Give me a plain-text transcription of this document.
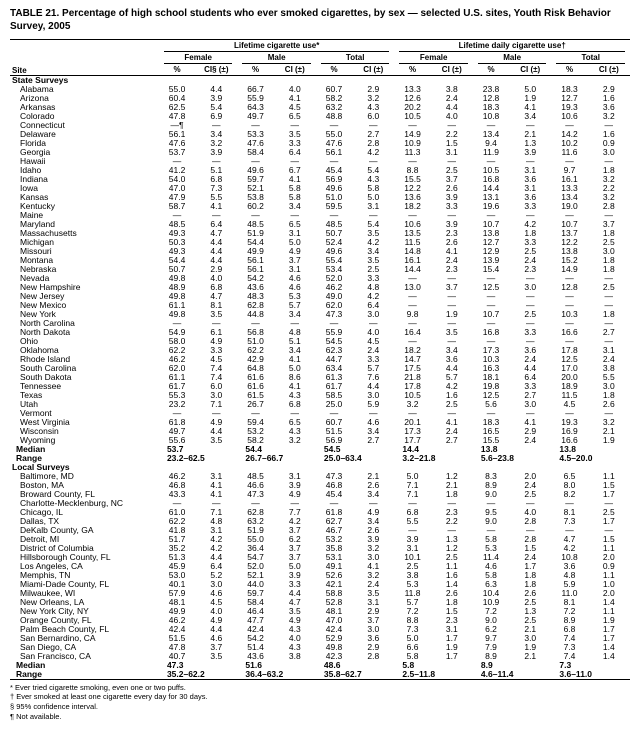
TABLE 21. Percentage of high school students who ever smoked cigarettes, by sex — selected U.S. sites, Youth Risk Behavior Survey, 2005
Site	Lifetime cigarette use*						Lifetime daily cigarette use†					

	Female		Male		Total		Female		Male		Total	

	%	CI§ (±)	%	CI (±)	%	CI (±)	%	CI (±)	%	CI (±)	%	CI (±)
State Surveys												
Alabama	55.0	4.4	66.7	4.0	60.7	2.9	13.3	3.8	23.8	5.0	18.3	2.9
Arizona	60.4	3.9	55.9	4.1	58.2	3.2	12.6	2.4	12.8	1.9	12.7	1.6
Arkansas	62.5	5.4	64.3	4.5	63.2	4.3	20.2	4.4	18.3	4.1	19.3	3.6
Colorado	47.8	6.9	49.7	6.5	48.8	6.0	10.5	4.0	10.8	3.4	10.6	3.2
Connecticut	—¶	—	—	—	—	—	—	—	—	—	—	—
Delaware	56.1	3.4	53.3	3.5	55.0	2.7	14.9	2.2	13.4	2.1	14.2	1.6
Florida	47.6	3.2	47.6	3.3	47.6	2.8	10.9	1.5	9.4	1.3	10.2	0.9
Georgia	53.7	3.9	58.4	6.4	56.1	4.2	11.3	3.1	11.9	3.9	11.6	3.0
Hawaii	—	—	—	—	—	—	—	—	—	—	—	—
Idaho	41.2	5.1	49.6	6.7	45.4	5.4	8.8	2.5	10.5	3.1	9.7	1.8
Indiana	54.0	6.8	59.7	4.1	56.9	4.3	15.5	3.7	16.8	3.6	16.1	3.2
Iowa	47.0	7.3	52.1	5.8	49.6	5.8	12.2	2.6	14.4	3.1	13.3	2.2
Kansas	47.9	5.5	53.8	5.8	51.0	5.0	13.6	3.9	13.1	3.6	13.4	3.2
Kentucky	58.7	4.1	60.2	3.4	59.5	3.1	18.2	3.3	19.6	3.3	19.0	2.8
Maine	—	—	—	—	—	—	—	—	—	—	—	—
Maryland	48.5	6.4	48.5	6.5	48.5	5.4	10.6	3.9	10.7	4.2	10.7	3.7
Massachusetts	49.3	4.7	51.9	3.1	50.7	3.5	13.5	2.3	13.8	1.8	13.7	1.8
Michigan	50.3	4.4	54.4	5.0	52.4	4.2	11.5	2.6	12.7	3.3	12.2	2.5
Missouri	49.3	4.4	49.9	4.9	49.6	3.4	14.8	4.1	12.9	2.5	13.8	3.0
Montana	54.4	4.4	56.1	3.7	55.4	3.5	16.1	2.4	13.9	2.4	15.2	1.8
Nebraska	50.7	2.9	56.1	3.1	53.4	2.5	14.4	2.3	15.4	2.3	14.9	1.8
Nevada	49.8	4.0	54.2	4.6	52.0	3.3	—	—	—	—	—	—
New Hampshire	48.9	6.8	43.6	4.6	46.2	4.8	13.0	3.7	12.5	3.0	12.8	2.5
New Jersey	49.8	4.7	48.3	5.3	49.0	4.2	—	—	—	—	—	—
New Mexico	61.1	8.1	62.8	5.7	62.0	6.4	—	—	—	—	—	—
New York	49.8	3.5	44.8	3.4	47.3	3.0	9.8	1.9	10.7	2.5	10.3	1.8
North Carolina	—	—	—	—	—	—	—	—	—	—	—	—
North Dakota	54.9	6.1	56.8	4.8	55.9	4.0	16.4	3.5	16.8	3.3	16.6	2.7
Ohio	58.0	4.9	51.0	5.1	54.5	4.5	—	—	—	—	—	—
Oklahoma	62.2	3.3	62.2	3.4	62.3	2.4	18.2	3.4	17.3	3.6	17.8	3.1
Rhode Island	46.2	4.5	42.9	4.1	44.7	3.3	14.7	3.6	10.3	2.4	12.5	2.4
South Carolina	62.0	7.4	64.8	5.0	63.4	5.7	17.5	4.4	16.3	4.4	17.0	3.8
South Dakota	61.1	7.4	61.6	8.6	61.3	7.6	21.8	5.7	18.1	6.4	20.0	5.5
Tennessee	61.7	6.0	61.6	4.1	61.7	4.4	17.8	4.2	19.8	3.3	18.9	3.0
Texas	55.3	3.0	61.5	4.3	58.5	3.0	10.5	1.6	12.5	2.7	11.5	1.8
Utah	23.2	7.1	26.7	6.8	25.0	5.9	3.2	2.5	5.6	3.0	4.5	2.6
Vermont	—	—	—	—	—	—	—	—	—	—	—	—
West Virginia	61.8	4.9	59.4	6.5	60.7	4.6	20.1	4.1	18.3	4.1	19.3	3.2
Wisconsin	49.7	4.4	53.2	4.3	51.5	3.4	17.3	2.4	16.5	2.9	16.9	2.1
Wyoming	55.6	3.5	58.2	3.2	56.9	2.7	17.7	2.7	15.5	2.4	16.6	1.9
Median	53.7		54.4		54.5		14.4		13.8		13.8	
Range	23.2–62.5		26.7–66.7		25.0–63.4		3.2–21.8		5.6–23.8		4.5–20.0	
Local Surveys												
Baltimore, MD	46.2	3.1	48.5	3.1	47.3	2.1	5.0	1.2	8.3	2.0	6.5	1.1
Boston, MA	46.8	4.1	46.6	3.9	46.8	2.6	7.1	2.1	8.9	2.4	8.0	1.5
Broward County, FL	43.3	4.1	47.3	4.9	45.4	3.4	7.1	1.8	9.0	2.5	8.2	1.7
Charlotte-Mecklenburg, NC	—	—	—	—	—	—	—	—	—	—	—	—
Chicago, IL	61.0	7.1	62.8	7.7	61.8	4.9	6.8	2.3	9.5	4.0	8.1	2.5
Dallas, TX	62.2	4.8	63.2	4.2	62.7	3.4	5.5	2.2	9.0	2.8	7.3	1.7
DeKalb County, GA	41.8	3.1	51.9	3.7	46.7	2.6	—	—	—	—	—	—
Detroit, MI	51.7	4.2	55.0	6.2	53.2	3.9	3.9	1.3	5.8	2.8	4.7	1.5
District of Columbia	35.2	4.2	36.4	3.7	35.8	3.2	3.1	1.2	5.3	1.5	4.2	1.1
Hillsborough County, FL	51.3	4.4	54.7	3.7	53.1	3.0	10.1	2.5	11.4	2.4	10.8	2.0
Los Angeles, CA	45.9	6.4	52.0	5.0	49.1	4.1	2.5	1.1	4.6	1.7	3.6	0.9
Memphis, TN	53.0	5.2	52.1	3.9	52.6	3.2	3.8	1.6	5.8	1.8	4.8	1.1
Miami-Dade County, FL	40.1	3.0	44.0	3.3	42.1	2.4	5.3	1.4	6.3	1.8	5.9	1.0
Milwaukee, WI	57.9	4.6	59.7	4.4	58.8	3.5	11.8	2.6	10.4	2.6	11.0	2.0
New Orleans, LA	48.1	4.5	58.4	4.7	52.8	3.1	5.7	1.8	10.9	2.5	8.1	1.4
New York City, NY	49.9	4.0	46.4	3.5	48.1	2.9	7.2	1.5	7.2	1.3	7.2	1.1
Orange County, FL	46.2	4.9	47.7	4.9	47.0	3.7	8.8	2.3	9.0	2.5	8.9	1.9
Palm Beach County, FL	42.4	4.4	42.4	4.3	42.4	3.0	7.3	3.1	6.2	2.1	6.8	1.7
San Bernardino, CA	51.5	4.6	54.2	4.0	52.9	3.6	5.0	1.7	9.7	3.0	7.4	1.7
San Diego, CA	47.8	3.7	51.4	4.3	49.8	2.9	6.6	1.9	7.9	1.9	7.3	1.4
San Francisco, CA	40.7	3.5	43.6	3.8	42.3	2.8	5.8	1.7	8.9	2.1	7.4	1.4
Median	47.3		51.6		48.6		5.8		8.9		7.3	
Range	35.2–62.2		36.4–63.2		35.8–62.7		2.5–11.8		4.6–11.4		3.6–11.0	
* Ever tried cigarette smoking, even one or two puffs.
† Ever smoked at least one cigarette every day for 30 days.
§ 95% confidence interval.
¶ Not available.
